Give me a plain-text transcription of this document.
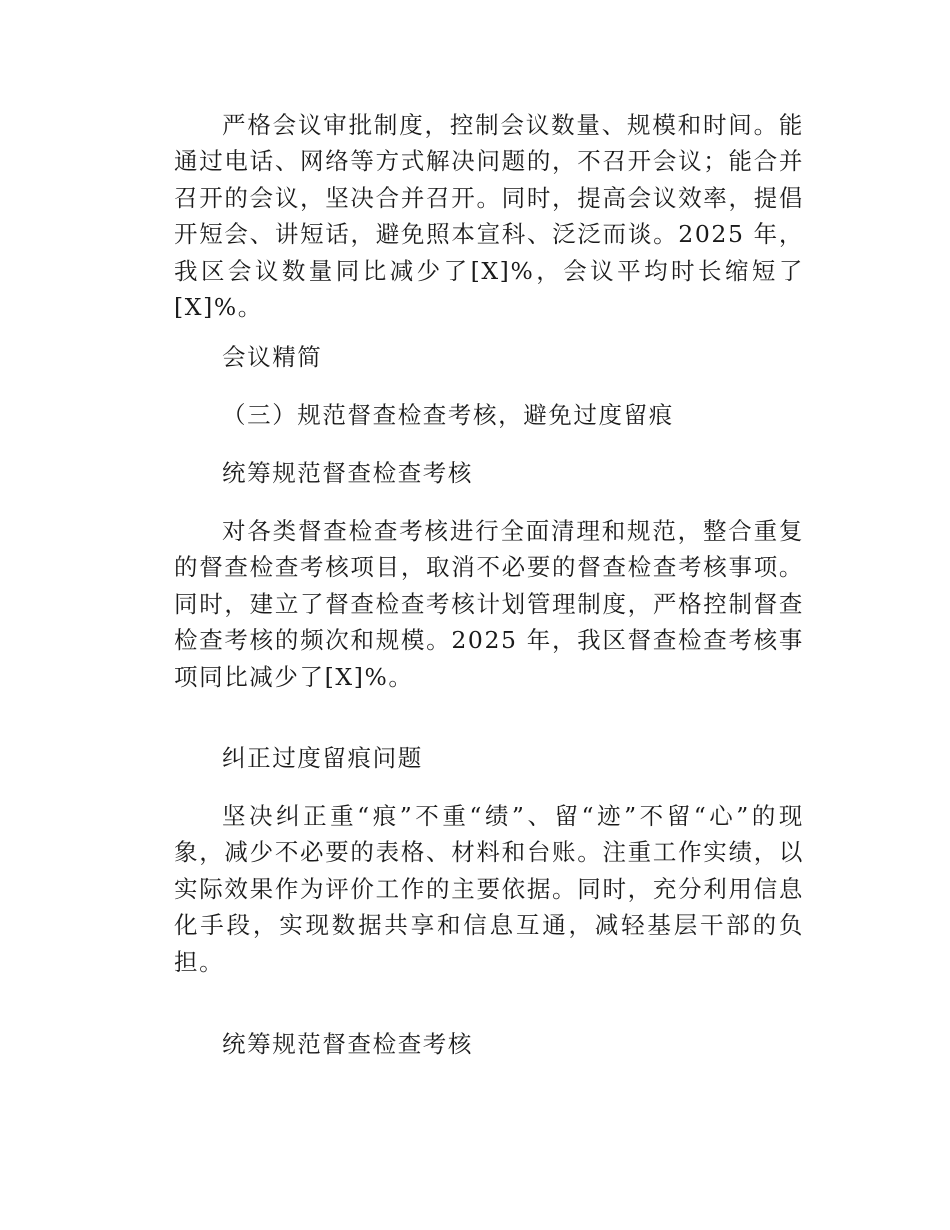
严格会议审批制度，控制会议数量、规模和时间。能通过电话、网络等方式解决问题的，不召开会议；能合并召开的会议，坚决合并召开。同时，提高会议效率，提倡开短会、讲短话，避免照本宣科、泛泛而谈。2025 年，我区会议数量同比减少了[X]%，会议平均时长缩短了[X]%。

会议精简

（三）规范督查检查考核，避免过度留痕

统筹规范督查检查考核

对各类督查检查考核进行全面清理和规范，整合重复的督查检查考核项目，取消不必要的督查检查考核事项。同时，建立了督查检查考核计划管理制度，严格控制督查检查考核的频次和规模。2025 年，我区督查检查考核事项同比减少了[X]%。

纠正过度留痕问题

坚决纠正重“痕”不重“绩”、留“迹”不留“心”的现象，减少不必要的表格、材料和台账。注重工作实绩，以实际效果作为评价工作的主要依据。同时，充分利用信息化手段，实现数据共享和信息互通，减轻基层干部的负担。

统筹规范督查检查考核
